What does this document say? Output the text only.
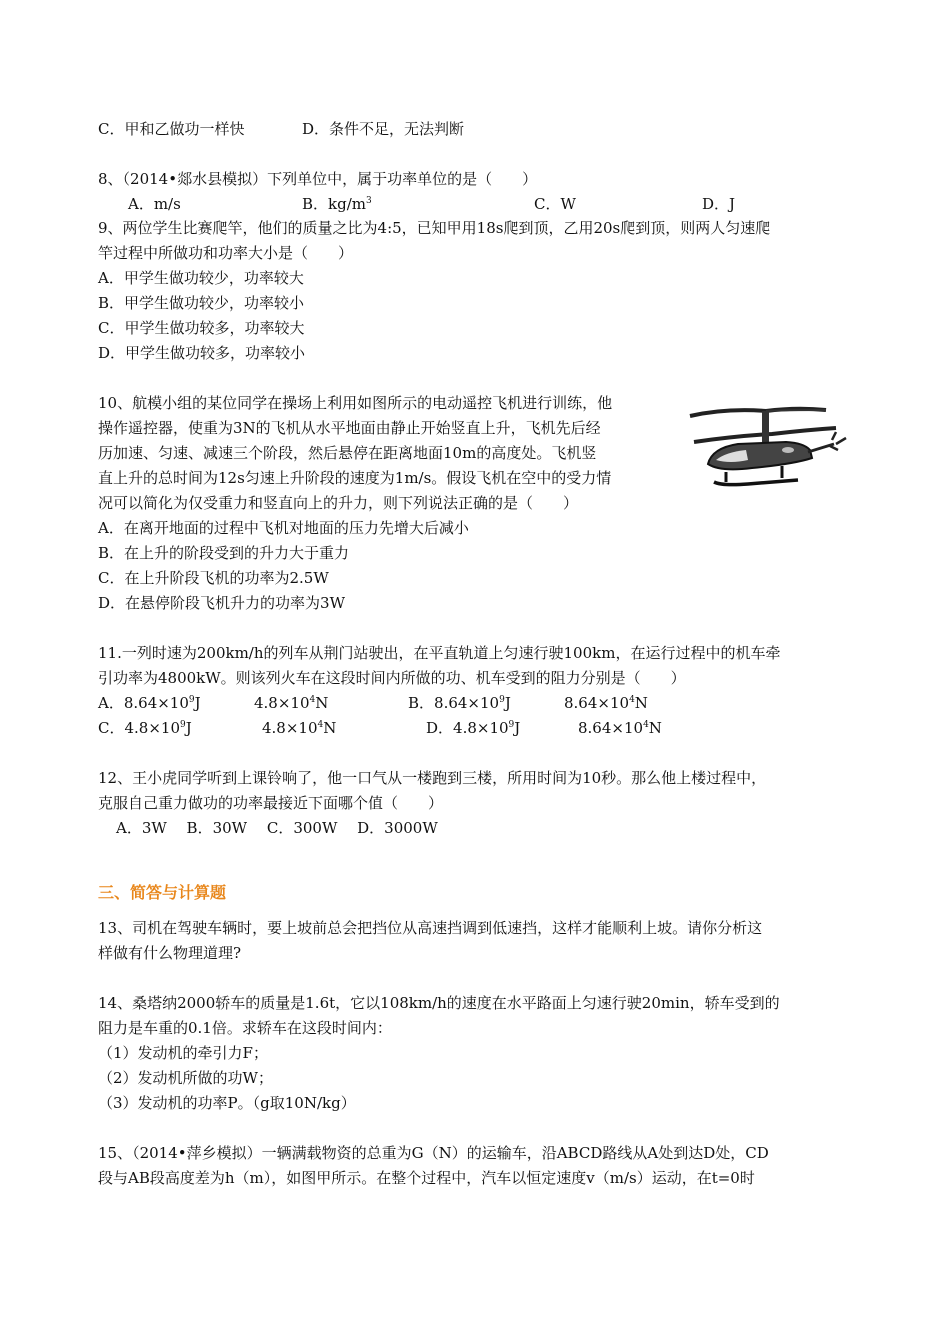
C．甲和乙做功一样快	D．条件不足，无法判断
8、（2014•郯水县模拟）下列单位中，属于功率单位的是（　　）
A．m/s	B．$kg/m^3$	C．W	D．J
9、两位学生比赛爬竿，他们的质量之比为4:5，已知甲用18s爬到顶，乙用20s爬到顶，则两人匀速爬
竿过程中所做功和功率大小是（　　）
A．甲学生做功较少，功率较大
B．甲学生做功较少，功率较小
C．甲学生做功较多，功率较大
D．甲学生做功较多，功率较小
10、航模小组的某位同学在操场上利用如图所示的电动遥控飞机进行训练，他
操作遥控器，使重为3N的飞机从水平地面由静止开始竖直上升，飞机先后经
历加速、匀速、减速三个阶段，然后悬停在距离地面10m的高度处。飞机竖
直上升的总时间为12s匀速上升阶段的速度为1m/s。假设飞机在空中的受力情
况可以简化为仅受重力和竖直向上的升力，则下列说法正确的是（　　）
A．在离开地面的过程中飞机对地面的压力先增大后减小
B．在上升的阶段受到的升力大于重力
C．在上升阶段飞机的功率为2.5W
D．在悬停阶段飞机升力的功率为3W
11.一列时速为200km/h的列车从荆门站驶出，在平直轨道上匀速行驶100km，在运行过程中的机车牵
引功率为4800kW。则该列火车在这段时间内所做的功、机车受到的阻力分别是（　　）
A．$8.64\times 10^9J$	$4.8\times 10^4N$	B．$8.64\times 10^9J$	$8.64\times 10^4N$
C．$4.8\times 10^9J$	$4.8\times 10^4N$	D．$4.8\times 10^9J$	$8.64\times 10^4N$
12、王小虎同学听到上课铃响了，他一口气从一楼跑到三楼，所用时间为10秒。那么他上楼过程中，
克服自己重力做功的功率最接近下面哪个值（　　）
A．3W　 B．30W　 C．300W　 D．3000W
三、简答与计算题
13、司机在驾驶车辆时，要上坡前总会把挡位从高速挡调到低速挡，这样才能顺利上坡。请你分析这
样做有什么物理道理?
14、桑塔纳2000轿车的质量是1.6t，它以108km/h的速度在水平路面上匀速行驶20min，轿车受到的
阻力是车重的0.1倍。求轿车在这段时间内：
（1）发动机的牵引力F；
（2）发动机所做的功W；
（3）发动机的功率P。（g取10N/kg）
15、（2014•萍乡模拟）一辆满载物资的总重为G（N）的运输车，沿ABCD路线从A处到达D处，CD
段与AB段高度差为h（m），如图甲所示。在整个过程中，汽车以恒定速度v（m/s）运动，在t=0时
